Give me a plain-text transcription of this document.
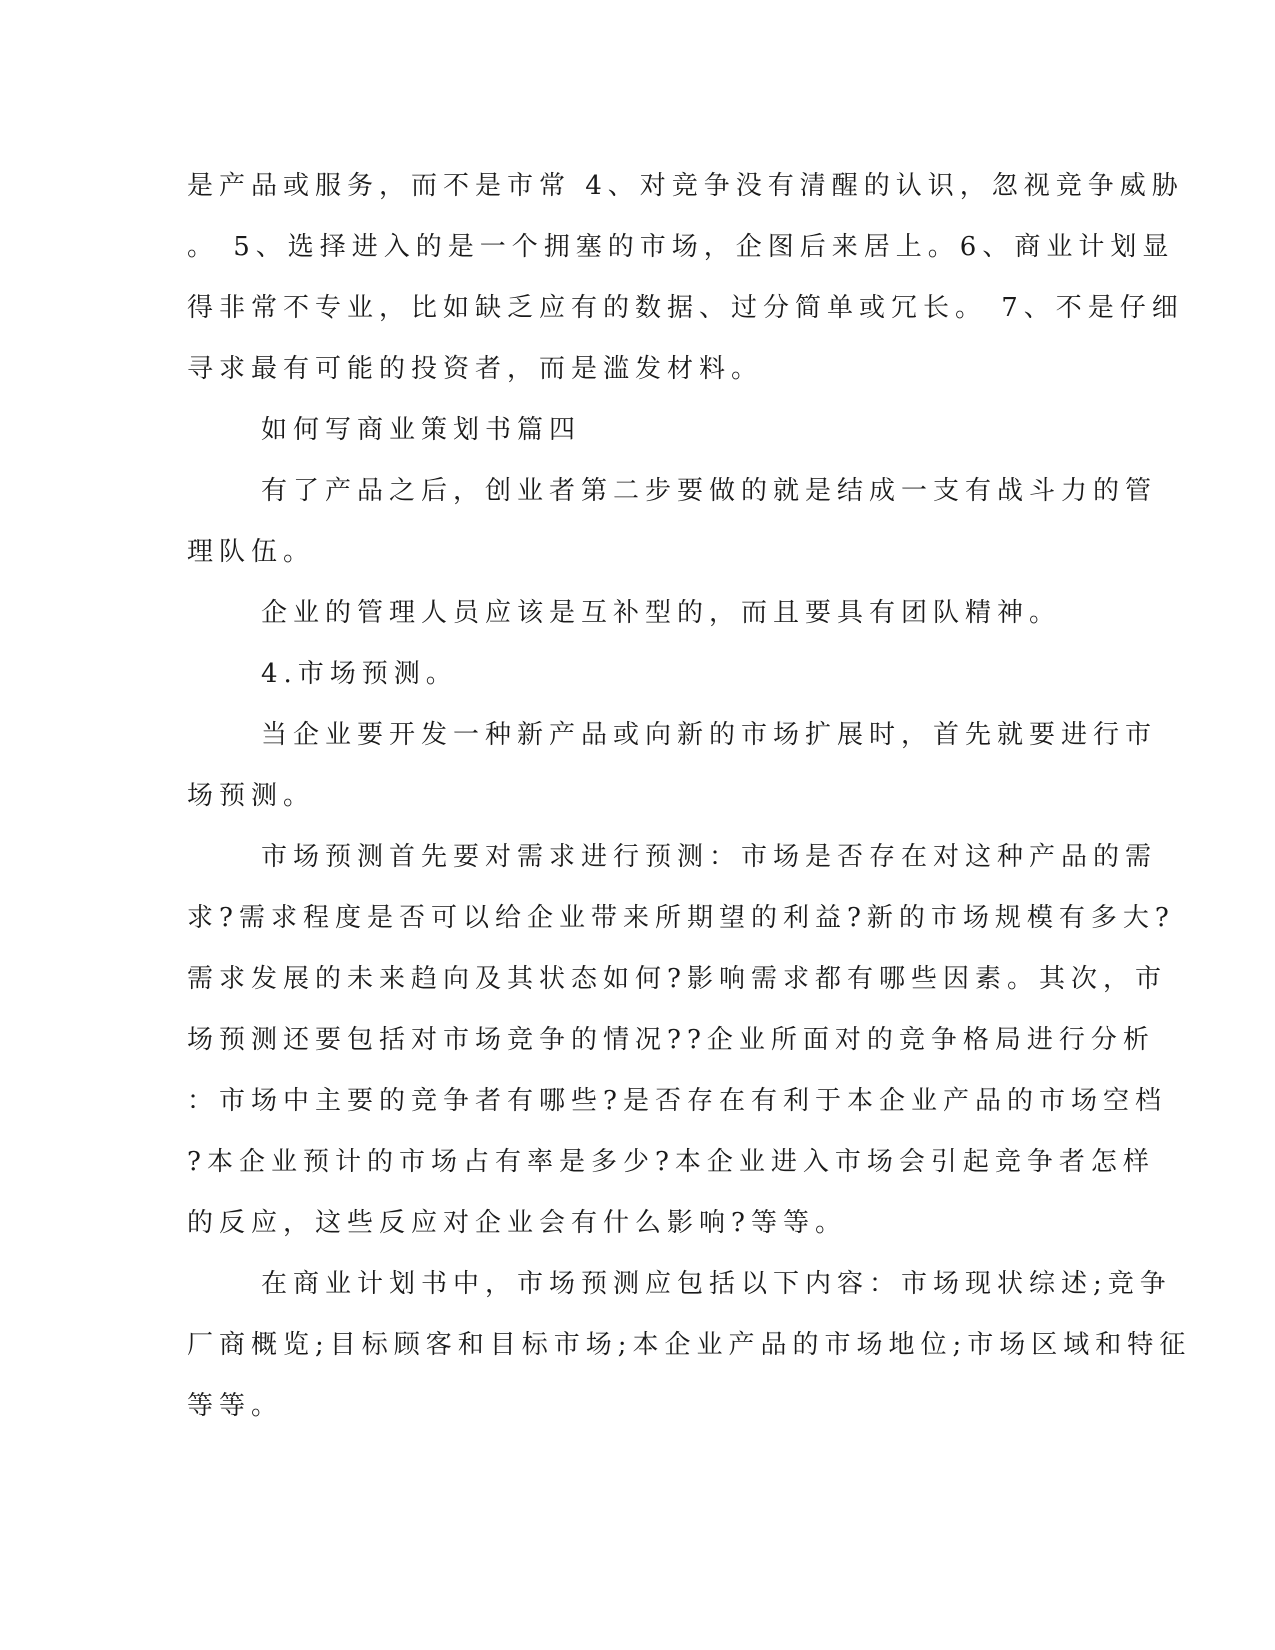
是产品或服务，而不是市常 4、对竞争没有清醒的认识，忽视竞争威胁
。 5、选择进入的是一个拥塞的市场，企图后来居上。6、商业计划显
得非常不专业，比如缺乏应有的数据、过分简单或冗长。 7、不是仔细
寻求最有可能的投资者，而是滥发材料。
如何写商业策划书篇四
有了产品之后，创业者第二步要做的就是结成一支有战斗力的管
理队伍。
企业的管理人员应该是互补型的，而且要具有团队精神。
4.市场预测。
当企业要开发一种新产品或向新的市场扩展时，首先就要进行市
场预测。
市场预测首先要对需求进行预测：市场是否存在对这种产品的需
求?需求程度是否可以给企业带来所期望的利益?新的市场规模有多大?
需求发展的未来趋向及其状态如何?影响需求都有哪些因素。其次，市
场预测还要包括对市场竞争的情况??企业所面对的竞争格局进行分析
：市场中主要的竞争者有哪些?是否存在有利于本企业产品的市场空档
?本企业预计的市场占有率是多少?本企业进入市场会引起竞争者怎样
的反应，这些反应对企业会有什么影响?等等。
在商业计划书中，市场预测应包括以下内容：市场现状综述;竞争
厂商概览;目标顾客和目标市场;本企业产品的市场地位;市场区域和特征
等等。
